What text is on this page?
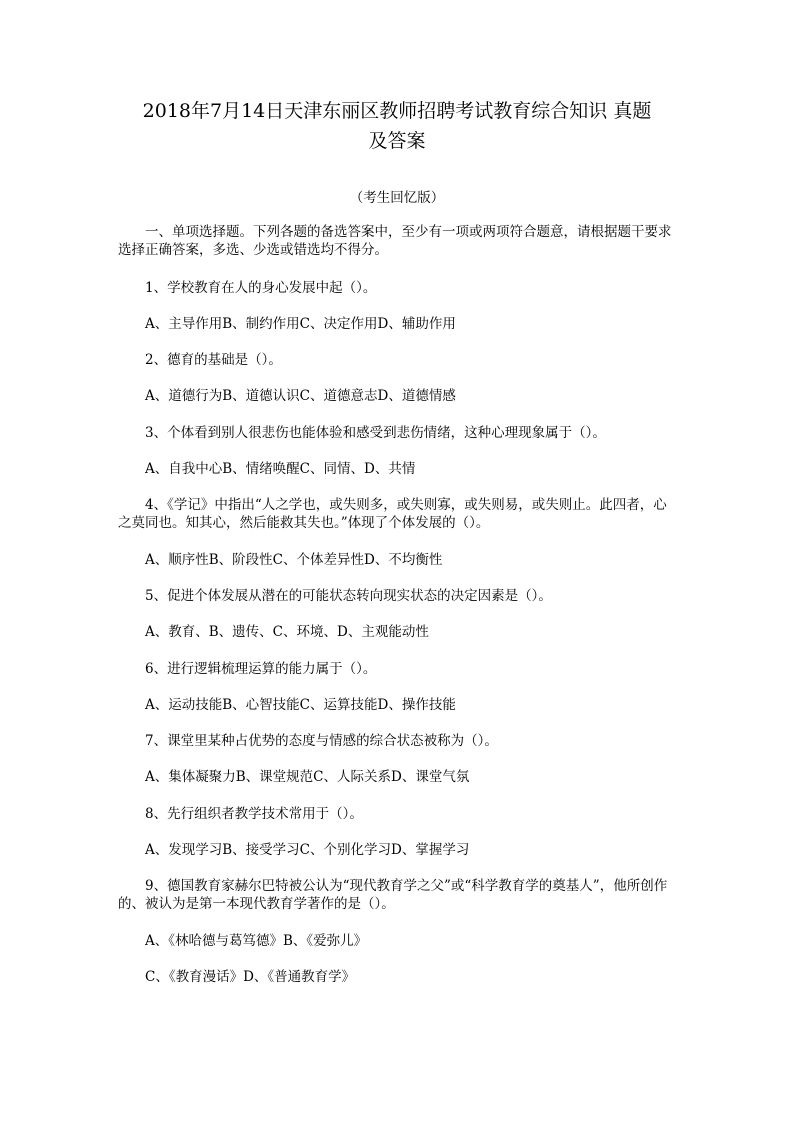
2018年7月14日天津东丽区教师招聘考试教育综合知识 真题
及答案
（考生回忆版）
一、单项选择题。下列各题的备选答案中，至少有一项或两项符合题意，请根据题干要求选择正确答案，多选、少选或错选均不得分。
1、学校教育在人的身心发展中起（）。
A、主导作用B、制约作用C、决定作用D、辅助作用
2、德育的基础是（）。
A、道德行为B、道德认识C、道德意志D、道德情感
3、个体看到别人很悲伤也能体验和感受到悲伤情绪，这种心理现象属于（）。
A、自我中心B、情绪唤醒C、同情、D、共情
4、《学记》中指出“人之学也，或失则多，或失则寡，或失则易，或失则止。此四者，心之莫同也。知其心，然后能救其失也。”体现了个体发展的（）。
A、顺序性B、阶段性C、个体差异性D、不均衡性
5、促进个体发展从潜在的可能状态转向现实状态的决定因素是（）。
A、教育、B、遗传、C、环境、D、主观能动性
6、进行逻辑梳理运算的能力属于（）。
A、运动技能B、心智技能C、运算技能D、操作技能
7、课堂里某种占优势的态度与情感的综合状态被称为（）。
A、集体凝聚力B、课堂规范C、人际关系D、课堂气氛
8、先行组织者教学技术常用于（）。
A、发现学习B、接受学习C、个别化学习D、掌握学习
9、德国教育家赫尔巴特被公认为“现代教育学之父”或“科学教育学的奠基人”，他所创作的、被认为是第一本现代教育学著作的是（）。
A、《林哈德与葛笃德》B、《爱弥儿》
C、《教育漫话》D、《普通教育学》
